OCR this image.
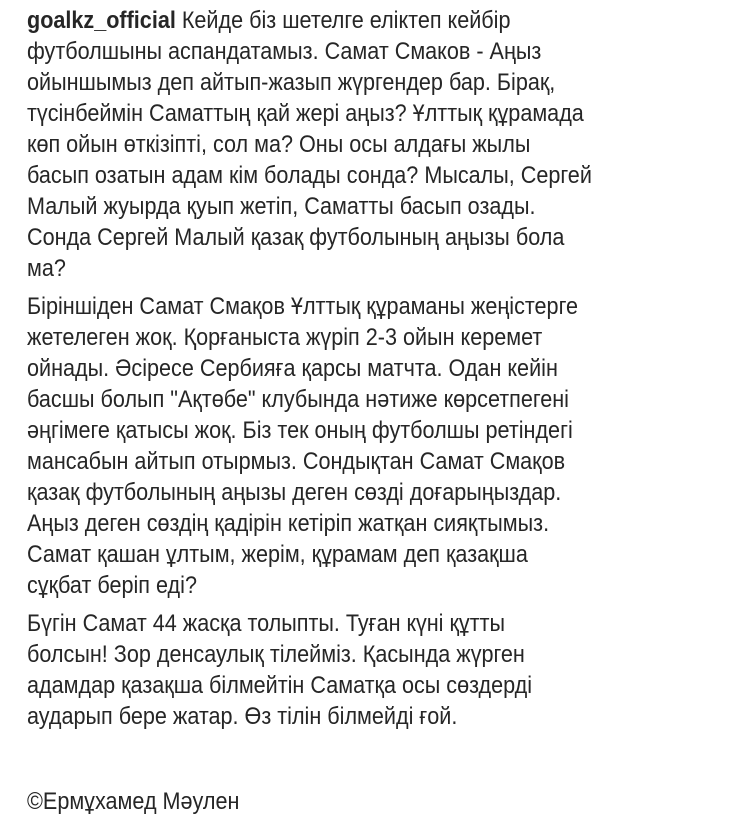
goalkz_official Кейде біз шетелге еліктеп кейбір
футболшыны аспандатамыз. Самат Смаков - Аңыз
ойыншымыз деп айтып-жазып жүргендер бар. Бірақ,
түсінбеймін Саматтың қай жері аңыз? Ұлттық құрамада
көп ойын өткізіпті, сол ма? Оны осы алдағы жылы
басып озатын адам кім болады сонда? Мысалы, Сергей
Малый жуырда қуып жетіп, Саматты басып озады.
Сонда Сергей Малый қазақ футболының аңызы бола
ма?
Біріншіден Самат Смақов Ұлттық құраманы жеңістерге
жетелеген жоқ. Қорғаныста жүріп 2-3 ойын керемет
ойнады. Әсіресе Сербияға қарсы матчта. Одан кейін
басшы болып "Ақтөбе" клубында нәтиже көрсетпегені
әңгімеге қатысы жоқ. Біз тек оның футболшы ретіндегі
мансабын айтып отырмыз. Сондықтан Самат Смақов
қазақ футболының аңызы деген сөзді доғарыңыздар.
Аңыз деген сөздің қадірін кетіріп жатқан сияқтымыз.
Самат қашан ұлтым, жерім, құрамам деп қазақша
сұқбат беріп еді?
Бүгін Самат 44 жасқа толыпты. Туған күні құтты
болсын! Зор денсаулық тілейміз. Қасында жүрген
адамдар қазақша білмейтін Саматқа осы сөздерді
аударып бере жатар. Өз тілін білмейді ғой.
©Ермұхамед Мәулен
